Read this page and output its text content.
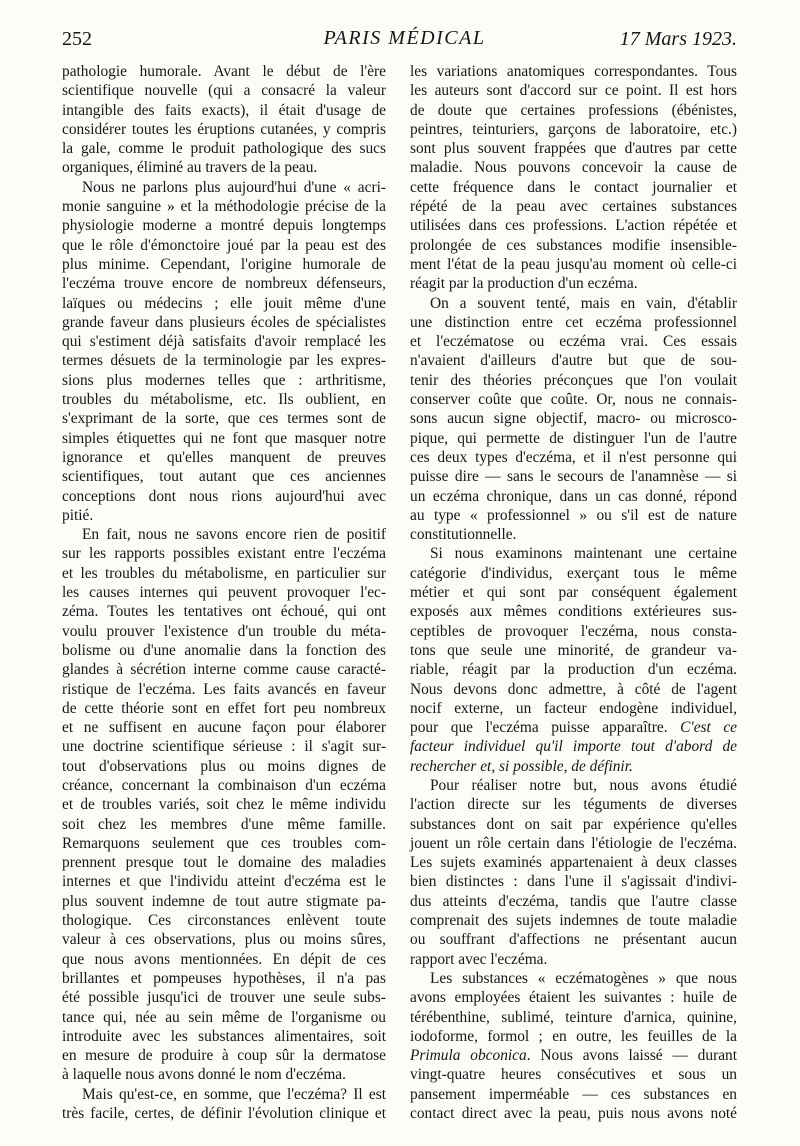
252	PARIS MÉDICAL	17 Mars 1923.
pathologie humorale. Avant le début de l'ère
scientifique nouvelle (qui a consacré la valeur
intangible des faits exacts), il était d'usage de
considérer toutes les éruptions cutanées, y compris
la gale, comme le produit pathologique des sucs
organiques, éliminé au travers de la peau.
Nous ne parlons plus aujourd'hui d'une « acri-
monie sanguine » et la méthodologie précise de la
physiologie moderne a montré depuis longtemps
que le rôle d'émonctoire joué par la peau est des
plus minime. Cependant, l'origine humorale de
l'eczéma trouve encore de nombreux défenseurs,
laïques ou médecins ; elle jouit même d'une
grande faveur dans plusieurs écoles de spécialistes
qui s'estiment déjà satisfaits d'avoir remplacé les
termes désuets de la terminologie par les expres-
sions plus modernes telles que : arthritisme,
troubles du métabolisme, etc. Ils oublient, en
s'exprimant de la sorte, que ces termes sont de
simples étiquettes qui ne font que masquer notre
ignorance et qu'elles manquent de preuves
scientifiques, tout autant que ces anciennes
conceptions dont nous rions aujourd'hui avec
pitié.
En fait, nous ne savons encore rien de positif
sur les rapports possibles existant entre l'eczéma
et les troubles du métabolisme, en particulier sur
les causes internes qui peuvent provoquer l'ec-
zéma. Toutes les tentatives ont échoué, qui ont
voulu prouver l'existence d'un trouble du méta-
bolisme ou d'une anomalie dans la fonction des
glandes à sécrétion interne comme cause caracté-
ristique de l'eczéma. Les faits avancés en faveur
de cette théorie sont en effet fort peu nombreux
et ne suffisent en aucune façon pour élaborer
une doctrine scientifique sérieuse : il s'agit sur-
tout d'observations plus ou moins dignes de
créance, concernant la combinaison d'un eczéma
et de troubles variés, soit chez le même individu
soit chez les membres d'une même famille.
Remarquons seulement que ces troubles com-
prennent presque tout le domaine des maladies
internes et que l'individu atteint d'eczéma est le
plus souvent indemne de tout autre stigmate pa-
thologique. Ces circonstances enlèvent toute
valeur à ces observations, plus ou moins sûres,
que nous avons mentionnées. En dépit de ces
brillantes et pompeuses hypothèses, il n'a pas
été possible jusqu'ici de trouver une seule subs-
tance qui, née au sein même de l'organisme ou
introduite avec les substances alimentaires, soit
en mesure de produire à coup sûr la dermatose
à laquelle nous avons donné le nom d'eczéma.
Mais qu'est-ce, en somme, que l'eczéma? Il est
très facile, certes, de définir l'évolution clinique et
les variations anatomiques correspondantes. Tous
les auteurs sont d'accord sur ce point. Il est hors
de doute que certaines professions (ébénistes,
peintres, teinturiers, garçons de laboratoire, etc.)
sont plus souvent frappées que d'autres par cette
maladie. Nous pouvons concevoir la cause de
cette fréquence dans le contact journalier et
répété de la peau avec certaines substances
utilisées dans ces professions. L'action répétée et
prolongée de ces substances modifie insensible-
ment l'état de la peau jusqu'au moment où celle-ci
réagit par la production d'un eczéma.
On a souvent tenté, mais en vain, d'établir
une distinction entre cet eczéma professionnel
et l'eczématose ou eczéma vrai. Ces essais
n'avaient d'ailleurs d'autre but que de sou-
tenir des théories préconçues que l'on voulait
conserver coûte que coûte. Or, nous ne connais-
sons aucun signe objectif, macro- ou microsco-
pique, qui permette de distinguer l'un de l'autre
ces deux types d'eczéma, et il n'est personne qui
puisse dire — sans le secours de l'anamnèse — si
un eczéma chronique, dans un cas donné, répond
au type « professionnel » ou s'il est de nature
constitutionnelle.
Si nous examinons maintenant une certaine
catégorie d'individus, exerçant tous le même
métier et qui sont par conséquent également
exposés aux mêmes conditions extérieures sus-
ceptibles de provoquer l'eczéma, nous consta-
tons que seule une minorité, de grandeur va-
riable, réagit par la production d'un eczéma.
Nous devons donc admettre, à côté de l'agent
nocif externe, un facteur endogène individuel,
pour que l'eczéma puisse apparaître. C'est ce
facteur individuel qu'il importe tout d'abord de
rechercher et, si possible, de définir.
Pour réaliser notre but, nous avons étudié
l'action directe sur les téguments de diverses
substances dont on sait par expérience qu'elles
jouent un rôle certain dans l'étiologie de l'eczéma.
Les sujets examinés appartenaient à deux classes
bien distinctes : dans l'une il s'agissait d'indivi-
dus atteints d'eczéma, tandis que l'autre classe
comprenait des sujets indemnes de toute maladie
ou souffrant d'affections ne présentant aucun
rapport avec l'eczéma.
Les substances « eczématogènes » que nous
avons employées étaient les suivantes : huile de
térébenthine, sublimé, teinture d'arnica, quinine,
iodoforme, formol ; en outre, les feuilles de la
Primula obconica. Nous avons laissé — durant
vingt-quatre heures consécutives et sous un
pansement imperméable — ces substances en
contact direct avec la peau, puis nous avons noté
